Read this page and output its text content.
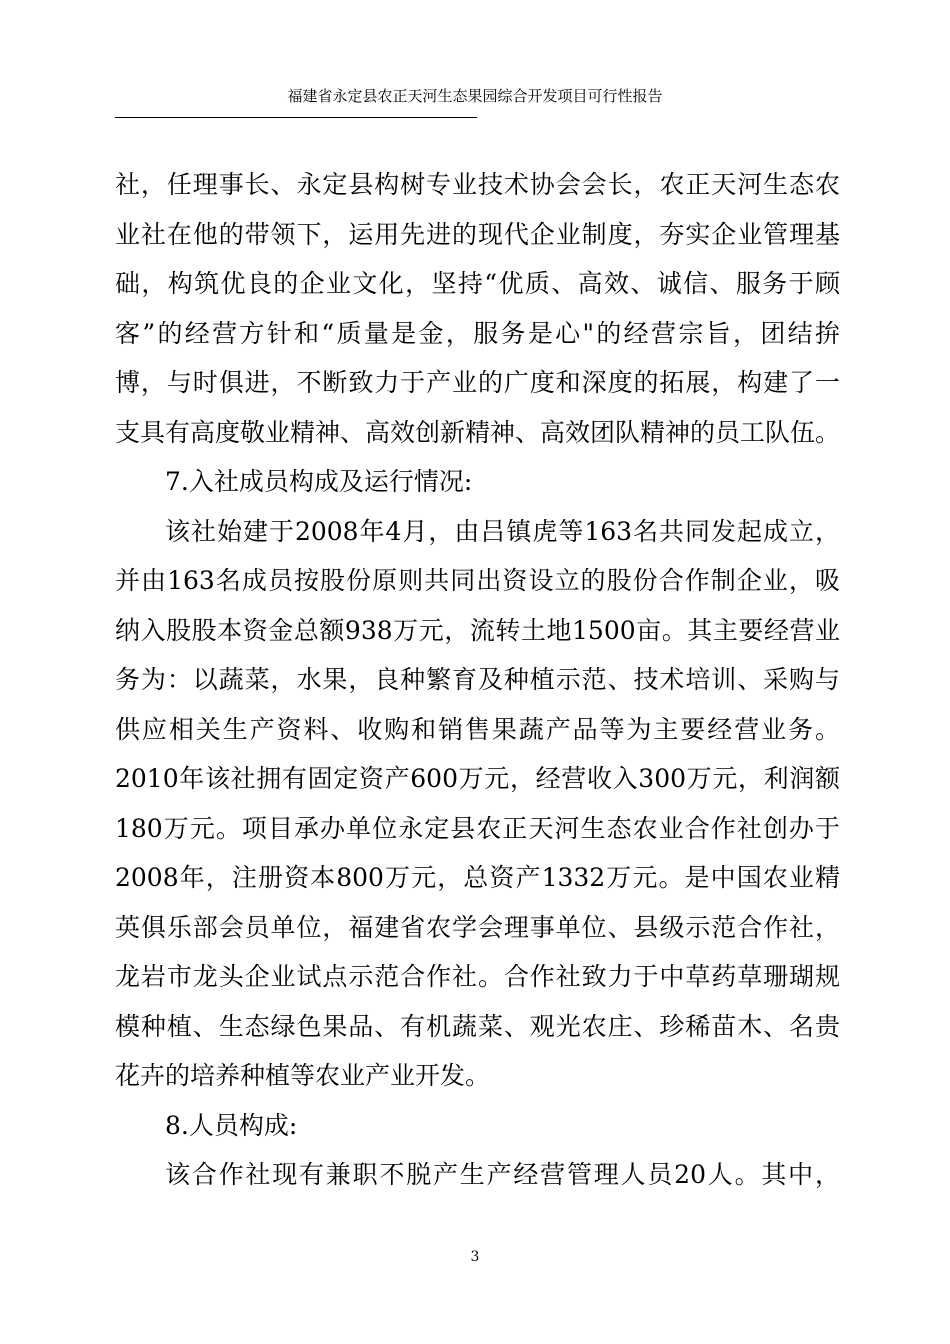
福建省永定县农正天河生态果园综合开发项目可行性报告
社，任理事长、永定县构树专业技术协会会长，农正天河生态农
业社在他的带领下，运用先进的现代企业制度，夯实企业管理基
础，构筑优良的企业文化，坚持“优质、高效、诚信、服务于顾
客”的经营方针和“质量是金，服务是心"的经营宗旨，团结拚
博，与时俱进，不断致力于产业的广度和深度的拓展，构建了一
支具有高度敬业精神、高效创新精神、高效团队精神的员工队伍。
7.入社成员构成及运行情况:
该社始建于2008年4月，由吕镇虎等163名共同发起成立，
并由163名成员按股份原则共同出资设立的股份合作制企业，吸
纳入股股本资金总额938万元，流转土地1500亩。其主要经营业
务为：以蔬菜，水果，良种繁育及种植示范、技术培训、采购与
供应相关生产资料、收购和销售果蔬产品等为主要经营业务。
2010年该社拥有固定资产600万元，经营收入300万元，利润额
180万元。项目承办单位永定县农正天河生态农业合作社创办于
2008年，注册资本800万元，总资产1332万元。是中国农业精
英俱乐部会员单位，福建省农学会理事单位、县级示范合作社，
龙岩市龙头企业试点示范合作社。合作社致力于中草药草珊瑚规
模种植、生态绿色果品、有机蔬菜、观光农庄、珍稀苗木、名贵
花卉的培养种植等农业产业开发。
8.人员构成:
该合作社现有兼职不脱产生产经营管理人员20人。其中，
3
